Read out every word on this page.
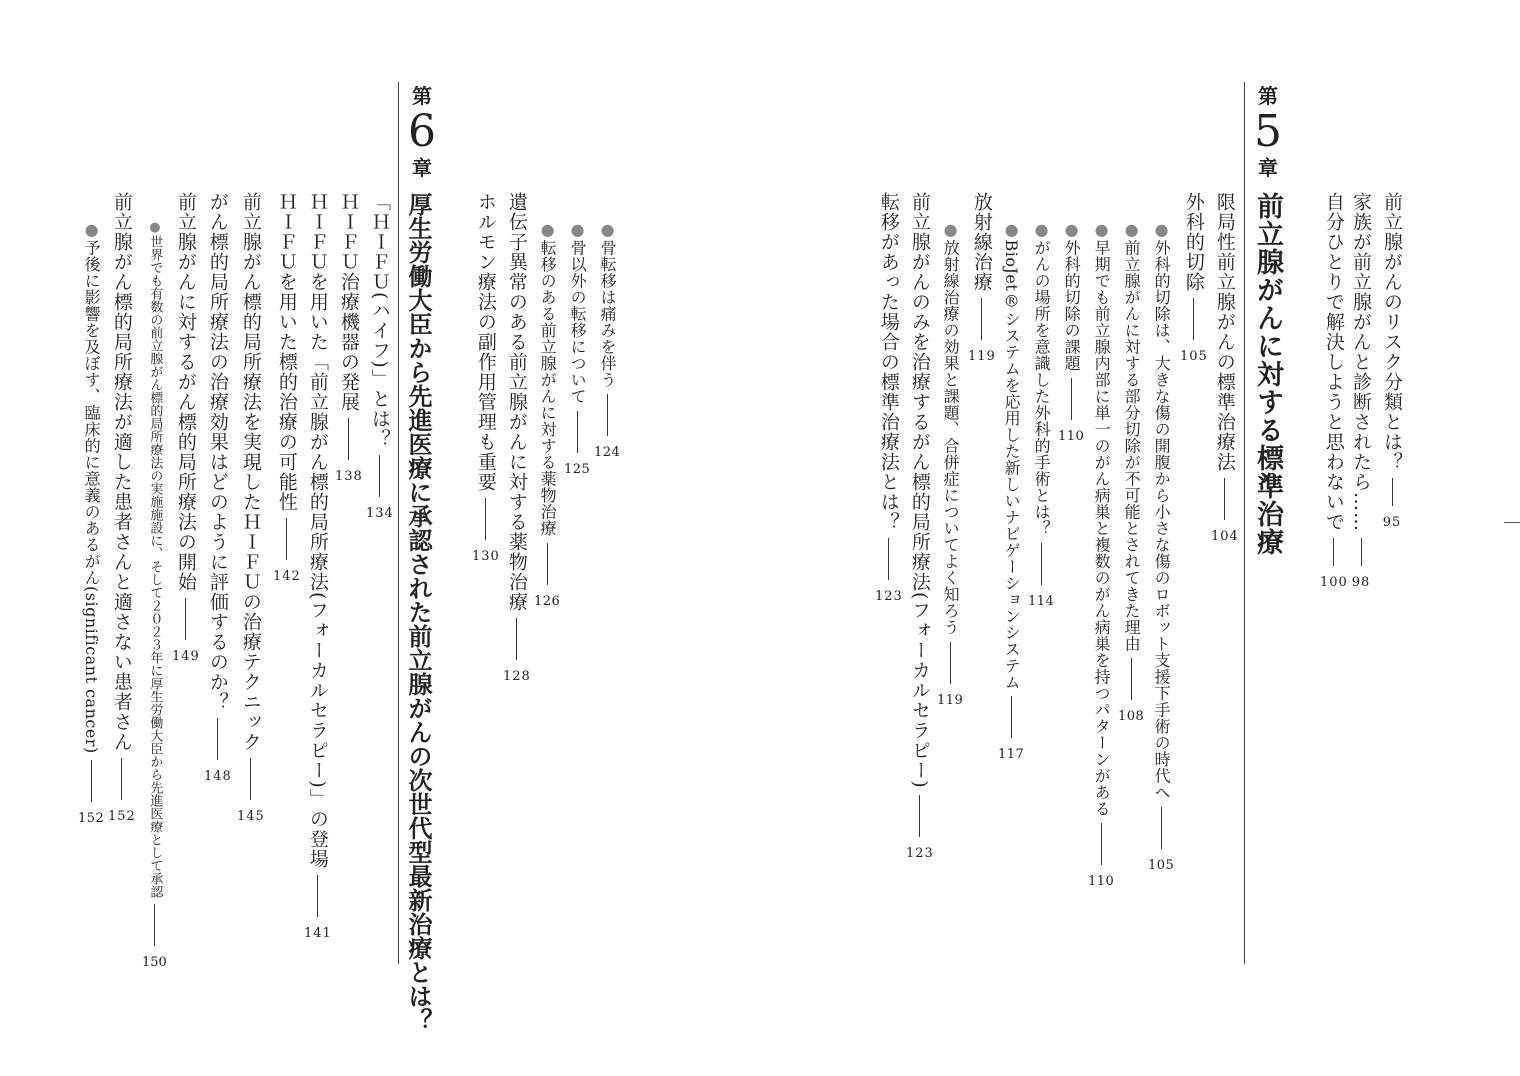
前立腺がんのリスク分類とは？95
家族が前立腺がんと診断されたら……98
自分ひとりで解決しようと思わないで100
第
5
章
前立腺がんに対する標準治療
限局性前立腺がんの標準治療法104
外科的切除105
●外科的切除は、大きな傷の開腹から小さな傷のロボット支援下手術の時代へ105
●前立腺がんに対する部分切除が不可能とされてきた理由108
●早期でも前立腺内部に単一のがん病巣と複数のがん病巣を持つパターンがある110
●外科的切除の課題110
●がんの場所を意識した外科的手術とは？114
●BioJet®システムを応用した新しいナビゲーションシステム117
放射線治療119
●放射線治療の効果と課題、合併症についてよく知ろう119
前立腺がんのみを治療するがん標的局所療法(フォーカルセラピー)123
転移があった場合の標準治療法とは？123
●骨転移は痛みを伴う124
●骨以外の転移について125
●転移のある前立腺がんに対する薬物治療126
遺伝子異常のある前立腺がんに対する薬物治療128
ホルモン療法の副作用管理も重要130
第
6
章
厚生労働大臣から先進医療に承認された前立腺がんの次世代型最新治療とは？
「ＨＩＦＵ(ハイフ)」とは？134
ＨＩＦＵ治療機器の発展138
ＨＩＦＵを用いた「前立腺がん標的局所療法(フォーカルセラピー)」の登場141
ＨＩＦＵを用いた標的治療の可能性142
前立腺がん標的局所療法を実現したＨＩＦＵの治療テクニック145
がん標的局所療法の治療効果はどのように評価するのか？148
前立腺がんに対するがん標的局所療法の開始149
●世界でも有数の前立腺がん標的局所療法の実施施設に、そして２０２３年に厚生労働大臣から先進医療として承認150
前立腺がん標的局所療法が適した患者さんと適さない患者さん152
●予後に影響を及ぼす、臨床的に意義のあるがん(significant cancer)152
